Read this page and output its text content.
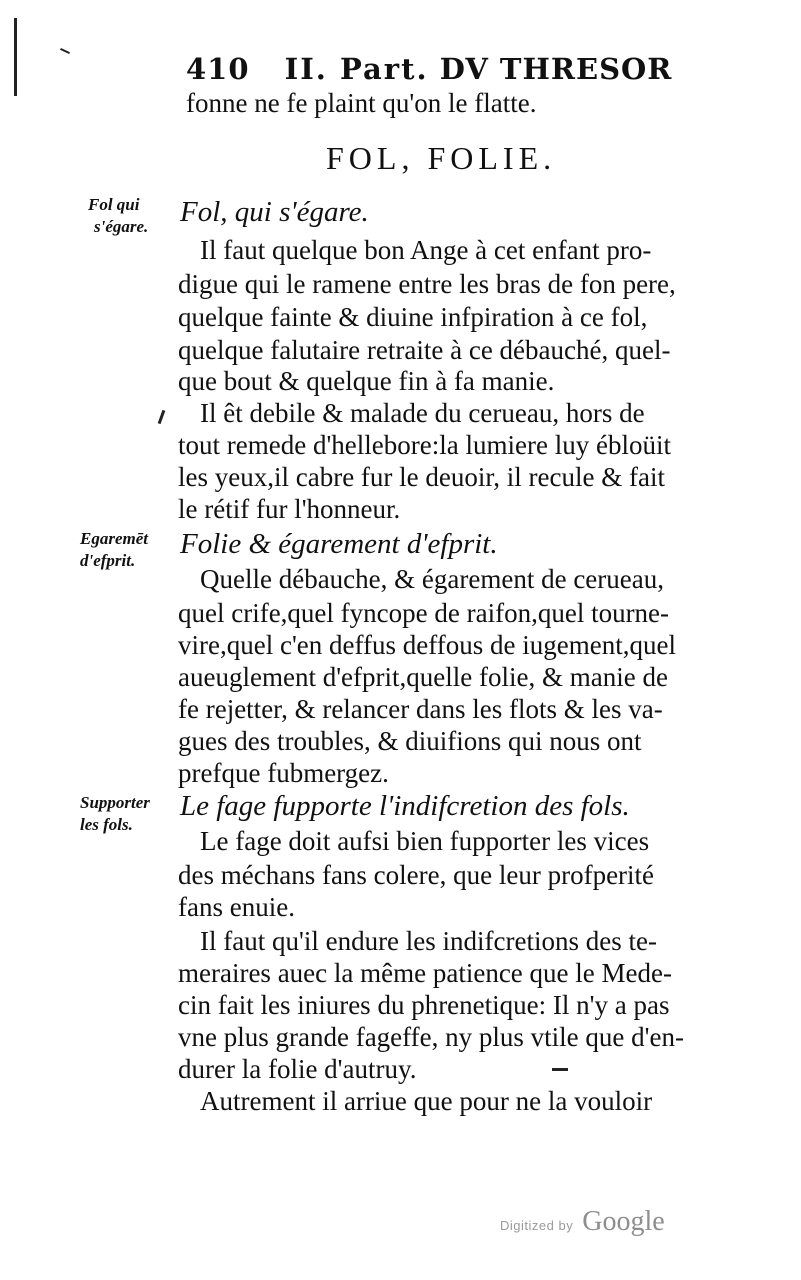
410 II. Part. DV THRESOR
fonne ne fe plaint qu'on le flatte.
FOL, FOLIE.
Fol qui
s'égare. Fol, qui s'égare.
Il faut quelque bon Ange à cet enfant pro-
digue qui le ramene entre les bras de fon pere,
quelque fainte & diuine infpiration à ce fol,
quelque falutaire retraite à ce débauché, quel-
que bout & quelque fin à fa manie.
Il êt debile & malade du cerueau, hors de
tout remede d'hellebore:la lumiere luy ébloüit
les yeux,il cabre fur le deuoir, il recule & fait
le rétif fur l'honneur.
Egaremēt
d'efprit.
Folie & égarement d'efprit.
Quelle débauche, & égarement de cerueau,
quel crife,quel fyncope de raifon,quel tourne-
vire,quel c'en deffus deffous de iugement,quel
aueuglement d'efprit,quelle folie, & manie de
fe rejetter, & relancer dans les flots & les va-
gues des troubles, & diuifions qui nous ont
prefque fubmergez.
Supporter
les fols.
Le fage fupporte l'indifcretion des fols.
Le fage doit aufsi bien fupporter les vices
des méchans fans colere, que leur profperité
fans enuie.
Il faut qu'il endure les indifcretions des te-
meraires auec la même patience que le Mede-
cin fait les iniures du phrenetique: Il n'y a pas
vne plus grande fageffe, ny plus vtile que d'en-
durer la folie d'autruy.
Autrement il arriue que pour ne la vouloir
Digitized by Google
